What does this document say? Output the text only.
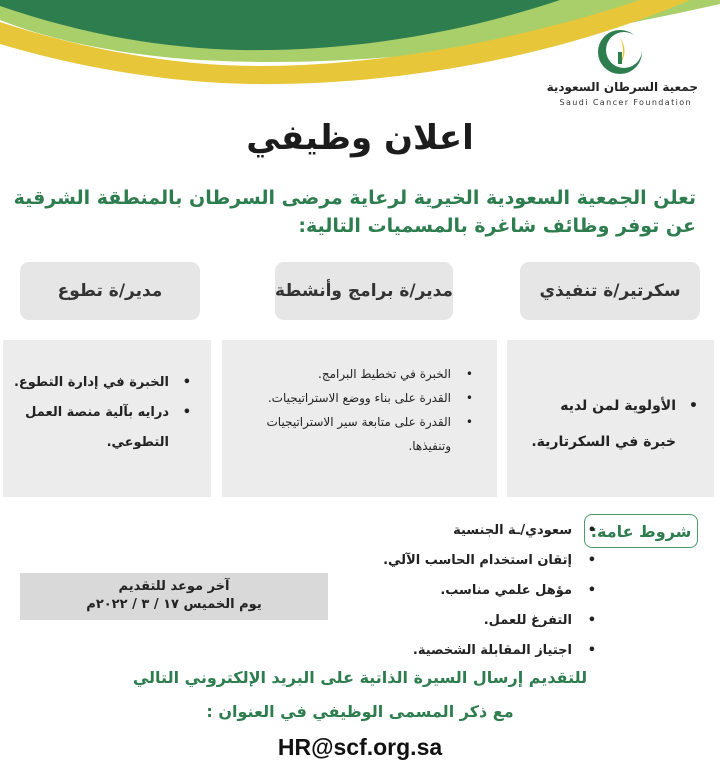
جمعية السرطان السعودية
Saudi Cancer Foundation
اعلان وظيفي
تعلن الجمعية السعودية الخيرية لرعاية مرضى السرطان بالمنطقة الشرقية
عن توفر وظائف شاغرة بالمسميات التالية:
سكرتير/ة تنفيذي
مدير/ة برامج وأنشطة
مدير/ة تطوع
• الأولوية لمن لديه خبرة في السكرتارية.
• الخبرة في تخطيط البرامج.
• القدرة على بناء ووضع الاستراتيجيات.
• القدرة على متابعة سير الاستراتيجيات وتنفيذها.
• الخبرة في إدارة التطوع.
• درايه بآلية منصة العمل التطوعي.
شروط عامة:
• سعودي/ـة الجنسية
• إتقان استخدام الحاسب الآلي.
• مؤهل علمي مناسب.
• التفرغ للعمل.
• اجتياز المقابلة الشخصية.
آخر موعد للتقديم
يوم الخميس ١٧ / ٣ / ٢٠٢٢م
للتقديم إرسال السيرة الذاتية على البريد الإلكتروني التالي
مع ذكر المسمى الوظيفي في العنوان :
HR@scf.org.sa
